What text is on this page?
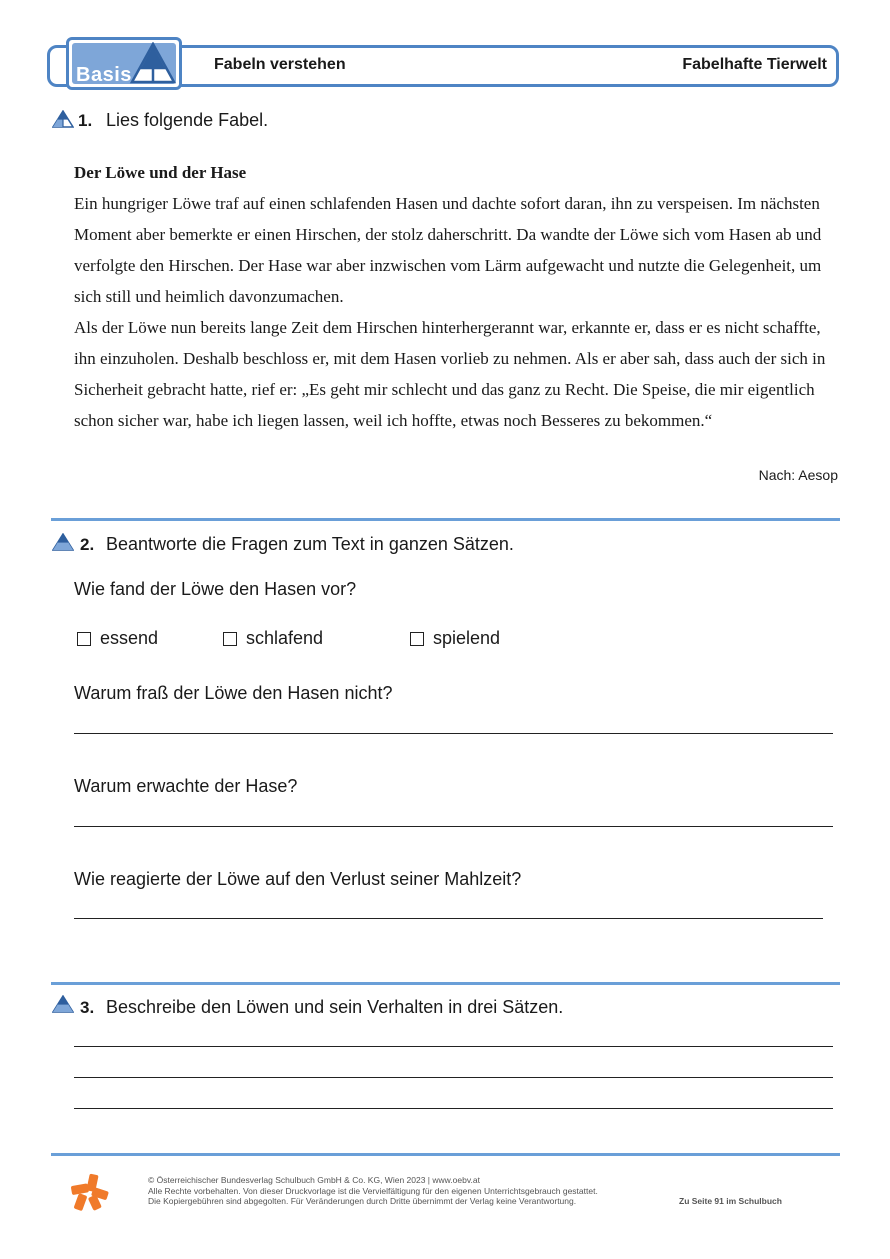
Basis	Fabeln verstehen	Fabelhafte Tierwelt
1. Lies folgende Fabel.

Der Löwe und der Hase

Ein hungriger Löwe traf auf einen schlafenden Hasen und dachte sofort daran, ihn zu verspeisen. Im nächsten Moment aber bemerkte er einen Hirschen, der stolz daherschritt. Da wandte der Löwe sich vom Hasen ab und verfolgte den Hirschen. Der Hase war aber inzwischen vom Lärm aufgewacht und nutzte die Gelegenheit, um sich still und heimlich davonzumachen.

Als der Löwe nun bereits lange Zeit dem Hirschen hinterhergerannt war, erkannte er, dass er es nicht schaffte, ihn einzuholen. Deshalb beschloss er, mit dem Hasen vorlieb zu nehmen. Als er aber sah, dass auch der sich in Sicherheit gebracht hatte, rief er: „Es geht mir schlecht und das ganz zu Recht. Die Speise, die mir eigentlich schon sicher war, habe ich liegen lassen, weil ich hoffte, etwas noch Besseres zu bekommen.“

Nach: Aesop
2. Beantworte die Fragen zum Text in ganzen Sätzen.
Wie fand der Löwe den Hasen vor?
essend	schlafend	spielend
Warum fraß der Löwe den Hasen nicht?
Warum erwachte der Hase?
Wie reagierte der Löwe auf den Verlust seiner Mahlzeit?
3. Beschreibe den Löwen und sein Verhalten in drei Sätzen.
© Österreichischer Bundesverlag Schulbuch GmbH & Co. KG, Wien 2023 | www.oebv.at
Alle Rechte vorbehalten. Von dieser Druckvorlage ist die Vervielfältigung für den eigenen Unterrichtsgebrauch gestattet.
Die Kopiergebühren sind abgegolten. Für Veränderungen durch Dritte übernimmt der Verlag keine Verantwortung.	Zu Seite 91 im Schulbuch
